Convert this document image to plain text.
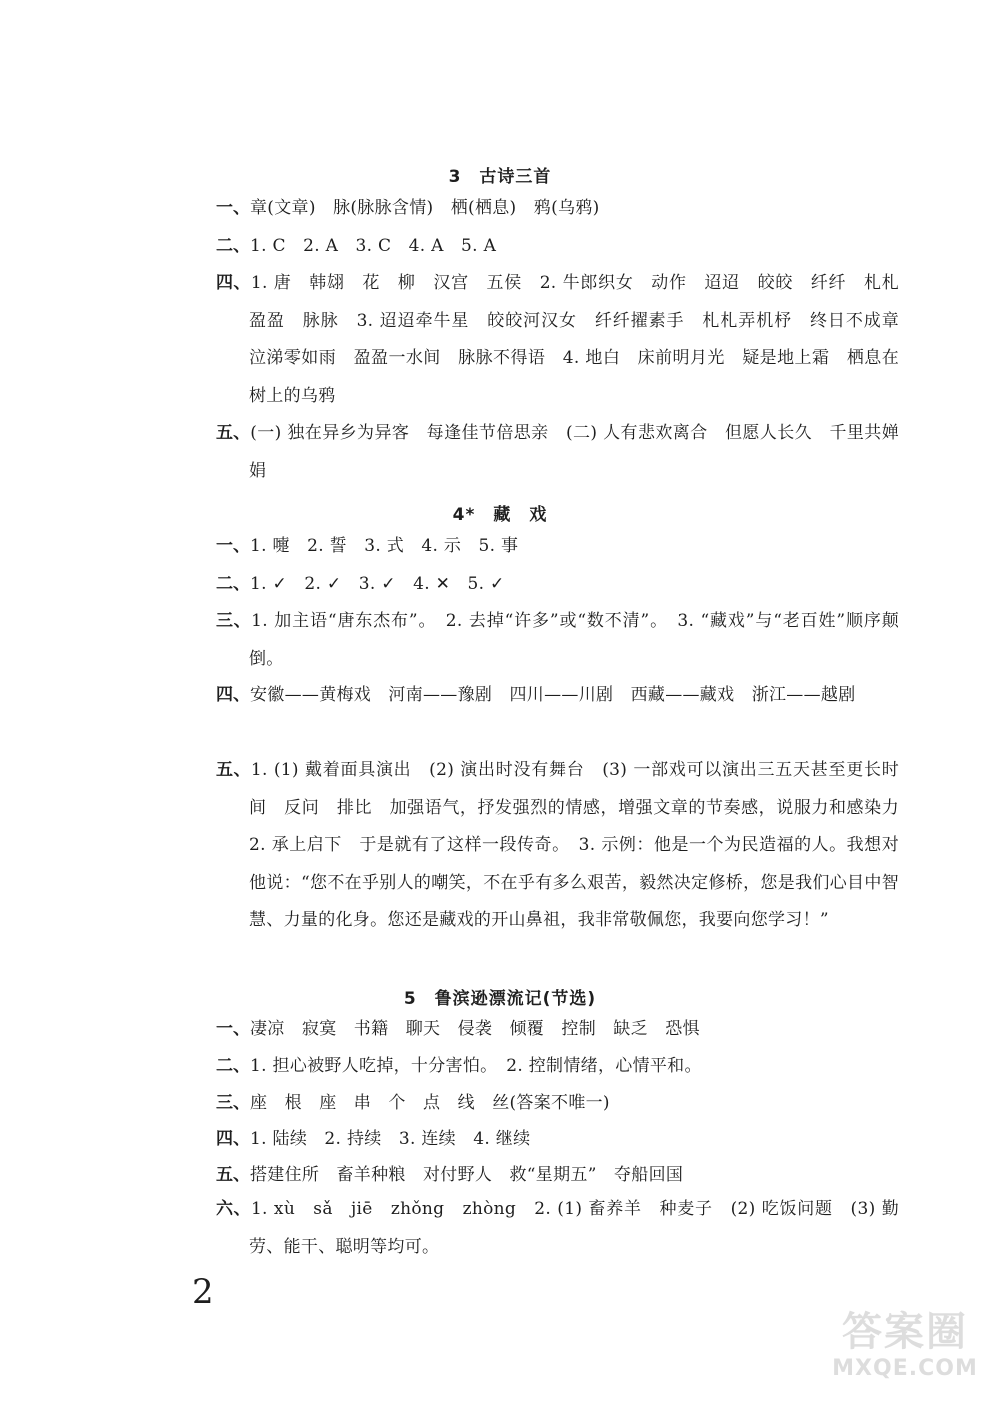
3　古诗三首
一、章(文章)　脉(脉脉含情)　栖(栖息)　鸦(乌鸦)
二、1. C　2. A　3. C　4. A　5. A
四、1. 唐　韩翃　花　柳　汉宫　五侯　2. 牛郎织女　动作　迢迢　皎皎　纤纤　札札　盈盈　脉脉　3. 迢迢牵牛星　皎皎河汉女　纤纤擢素手　札札弄机杼　终日不成章　泣涕零如雨　盈盈一水间　脉脉不得语　4. 地白　床前明月光　疑是地上霜　栖息在树上的乌鸦
五、(一) 独在异乡为异客　每逢佳节倍思亲　(二) 人有悲欢离合　但愿人长久　千里共婵娟
4*　藏　戏
一、1. 嚏　2. 誓　3. 式　4. 示　5. 事
二、1. ✓　2. ✓　3. ✓　4. ✕　5. ✓
三、1. 加主语“唐东杰布”。　2. 去掉“许多”或“数不清”。　3. “藏戏”与“老百姓”顺序颠倒。
四、安徽——黄梅戏　河南——豫剧　四川——川剧　西藏——藏戏　浙江——越剧
五、1. (1) 戴着面具演出　(2) 演出时没有舞台　(3) 一部戏可以演出三五天甚至更长时间　反问　排比　加强语气，抒发强烈的情感，增强文章的节奏感，说服力和感染力　2. 承上启下　于是就有了这样一段传奇。　3. 示例：他是一个为民造福的人。我想对他说：“您不在乎别人的嘲笑，不在乎有多么艰苦，毅然决定修桥，您是我们心目中智慧、力量的化身。您还是藏戏的开山鼻祖，我非常敬佩您，我要向您学习！”
5　鲁滨逊漂流记(节选)
一、凄凉　寂寞　书籍　聊天　侵袭　倾覆　控制　缺乏　恐惧
二、1. 担心被野人吃掉，十分害怕。　2. 控制情绪，心情平和。
三、座　根　座　串　个　点　线　丝(答案不唯一)
四、1. 陆续　2. 持续　3. 连续　4. 继续
五、搭建住所　畜羊种粮　对付野人　救“星期五”　夺船回国
六、1. xù　sǎ　jiē　zhǒng　zhòng　2. (1) 畜养羊　种麦子　(2) 吃饭问题　(3) 勤劳、能干、聪明等均可。
2
答案圈
MXQE.COM
